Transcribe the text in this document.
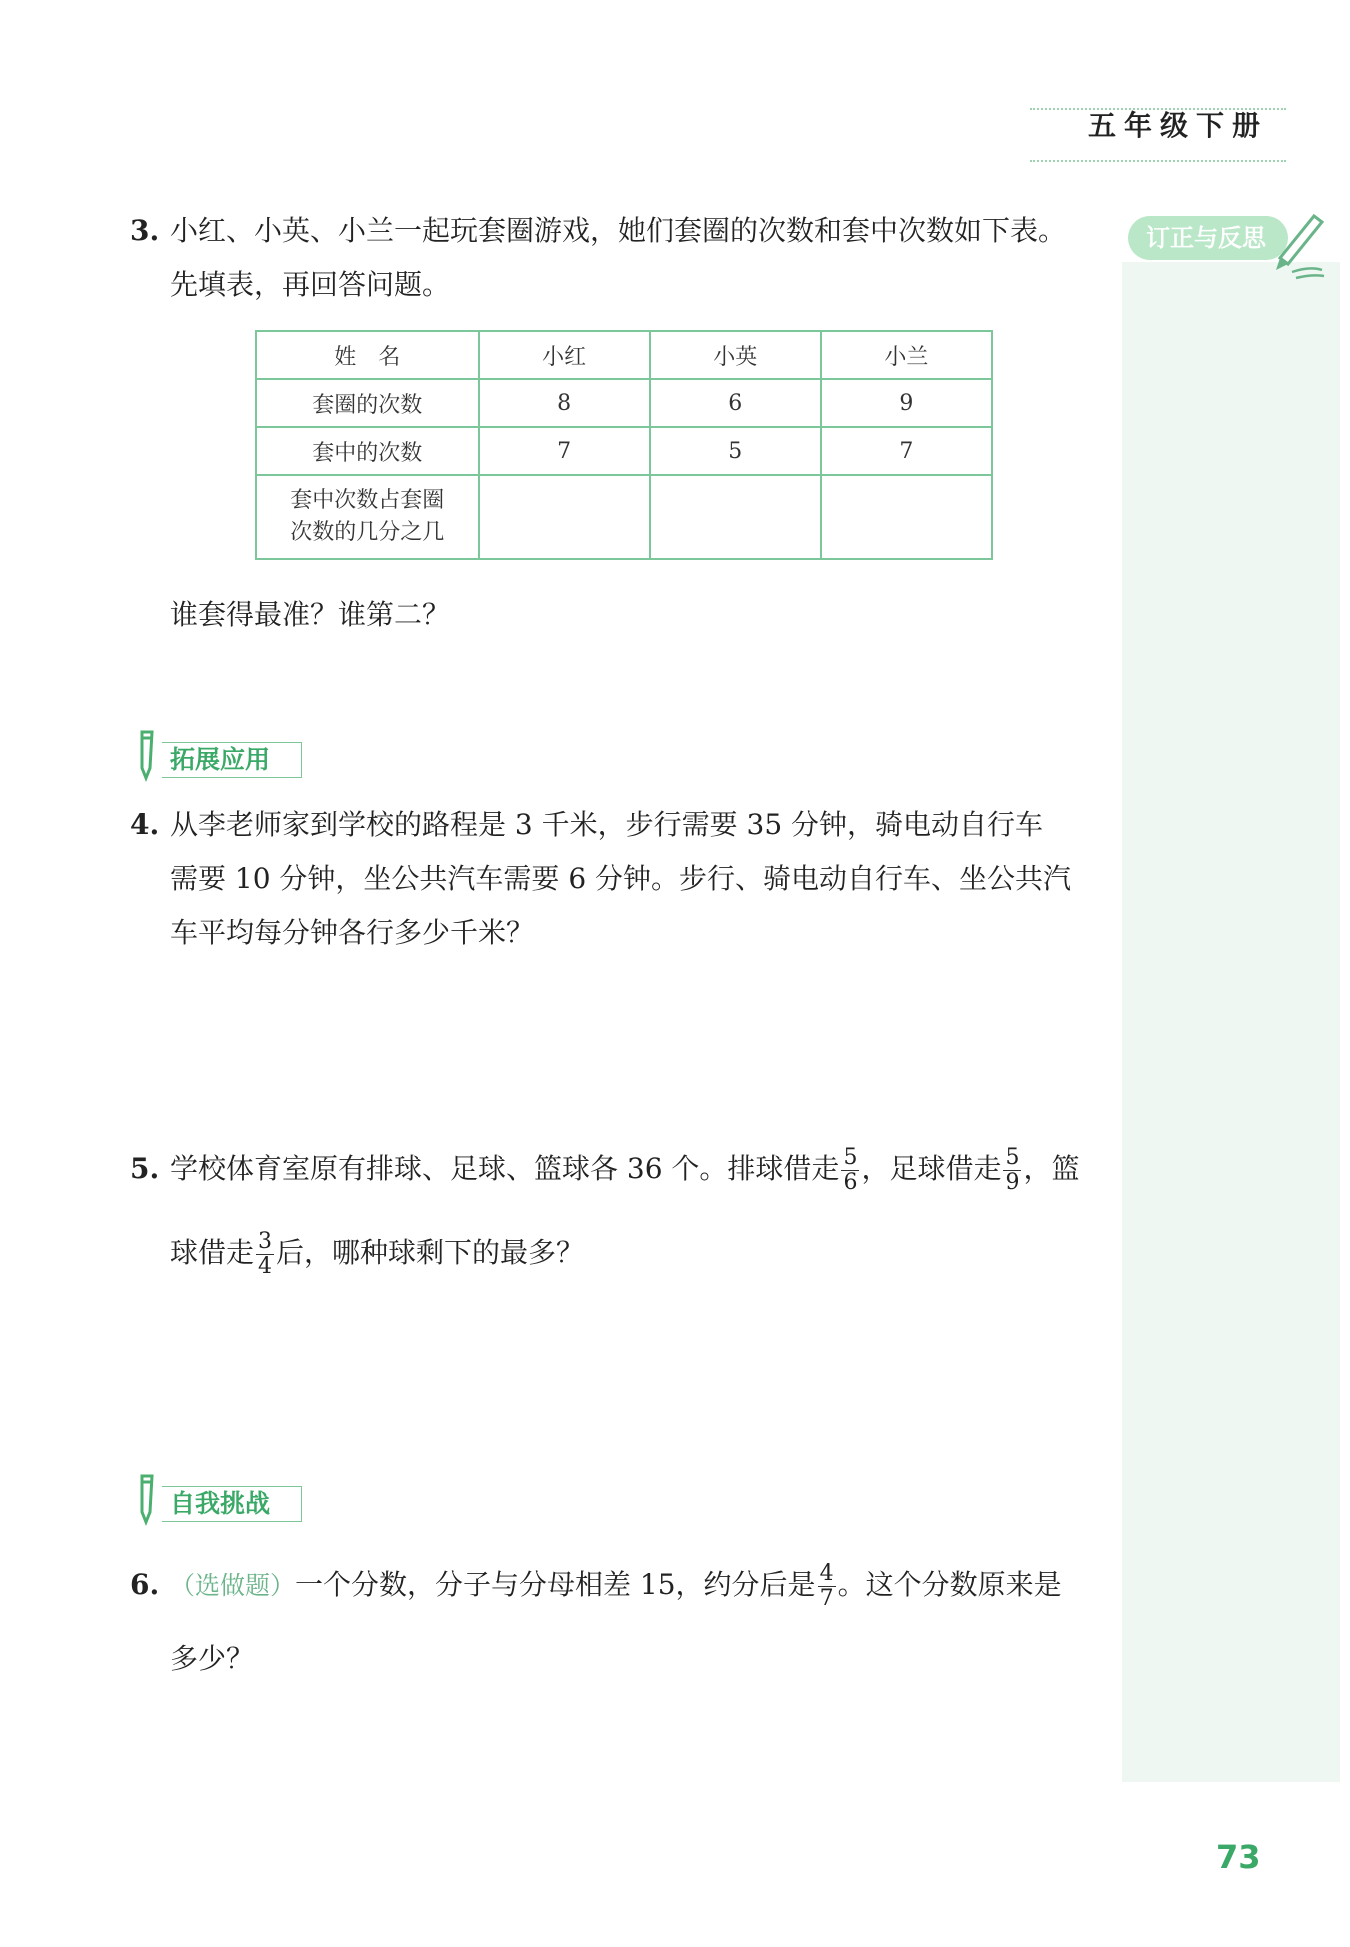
五年级下册
订正与反思
3. 小红、小英、小兰一起玩套圈游戏，她们套圈的次数和套中次数如下表。
先填表，再回答问题。
姓　名	小红	小英	小兰
套圈的次数	8	6	9
套中的次数	7	5	7

套中次数占套圈
次数的几分之几			

谁套得最准？谁第二？
拓展应用
4. 从李老师家到学校的路程是 3 千米，步行需要 35 分钟，骑电动自行车
需要 10 分钟，坐公共汽车需要 6 分钟。步行、骑电动自行车、坐公共汽
车平均每分钟各行多少千米？
5. 学校体育室原有排球、足球、篮球各 36 个。排球借走 $\frac{5}{6}$ ，足球借走 $\frac{5}{9}$ ，篮
球借走 $\frac{3}{4}$ 后，哪种球剩下的最多？
自我挑战
6. （选做题）一个分数，分子与分母相差 15，约分后是 $\frac{4}{7}$ 。这个分数原来是
多少？
73
